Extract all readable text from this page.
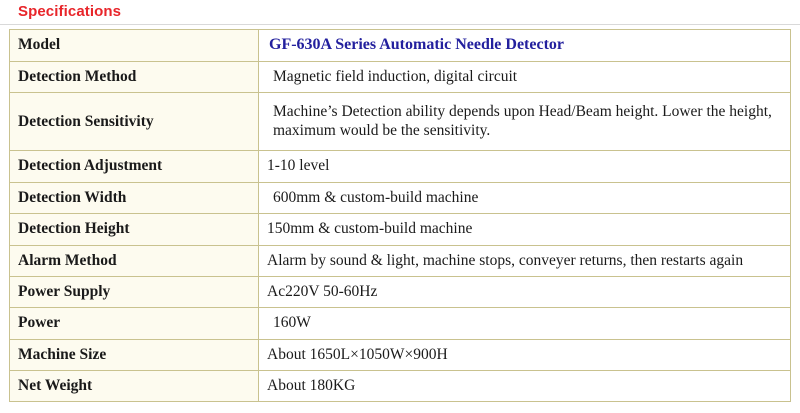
Specifications
Model	GF-630A Series Automatic Needle Detector
Detection Method	Magnetic field induction, digital circuit
Detection Sensitivity	Machine’s Detection ability depends upon Head/Beam height. Lower the height, maximum would be the sensitivity.
Detection Adjustment	1-10 level
Detection Width	600mm & custom-build machine
Detection Height	150mm & custom-build machine
Alarm Method	Alarm by sound & light, machine stops, conveyer returns, then restarts again
Power Supply	Ac220V 50-60Hz
Power	160W
Machine Size	About 1650L×1050W×900H
Net Weight	About 180KG
